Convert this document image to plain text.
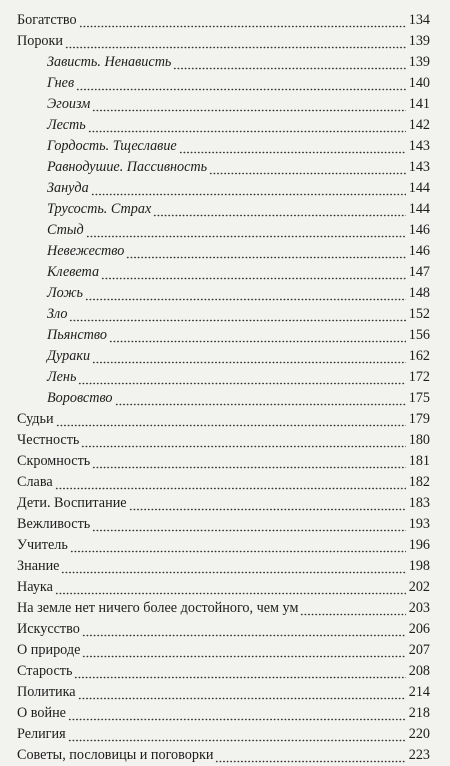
Богатство	134
Пороки	139
Зависть. Ненависть	139
Гнев	140
Эгоизм	141
Лесть	142
Гордость. Тщеславие	143
Равнодушие. Пассивность	143
Зануда	144
Трусость. Страх	144
Стыд	146
Невежество	146
Клевета	147
Ложь	148
Зло	152
Пьянство	156
Дураки	162
Лень	172
Воровство	175
Судьи	179
Честность	180
Скромность	181
Слава	182
Дети. Воспитание	183
Вежливость	193
Учитель	196
Знание	198
Наука	202
На земле нет ничего более достойного, чем ум	203
Искусство	206
О природе	207
Старость	208
Политика	214
О войне	218
Религия	220
Советы, пословицы и поговорки	223
